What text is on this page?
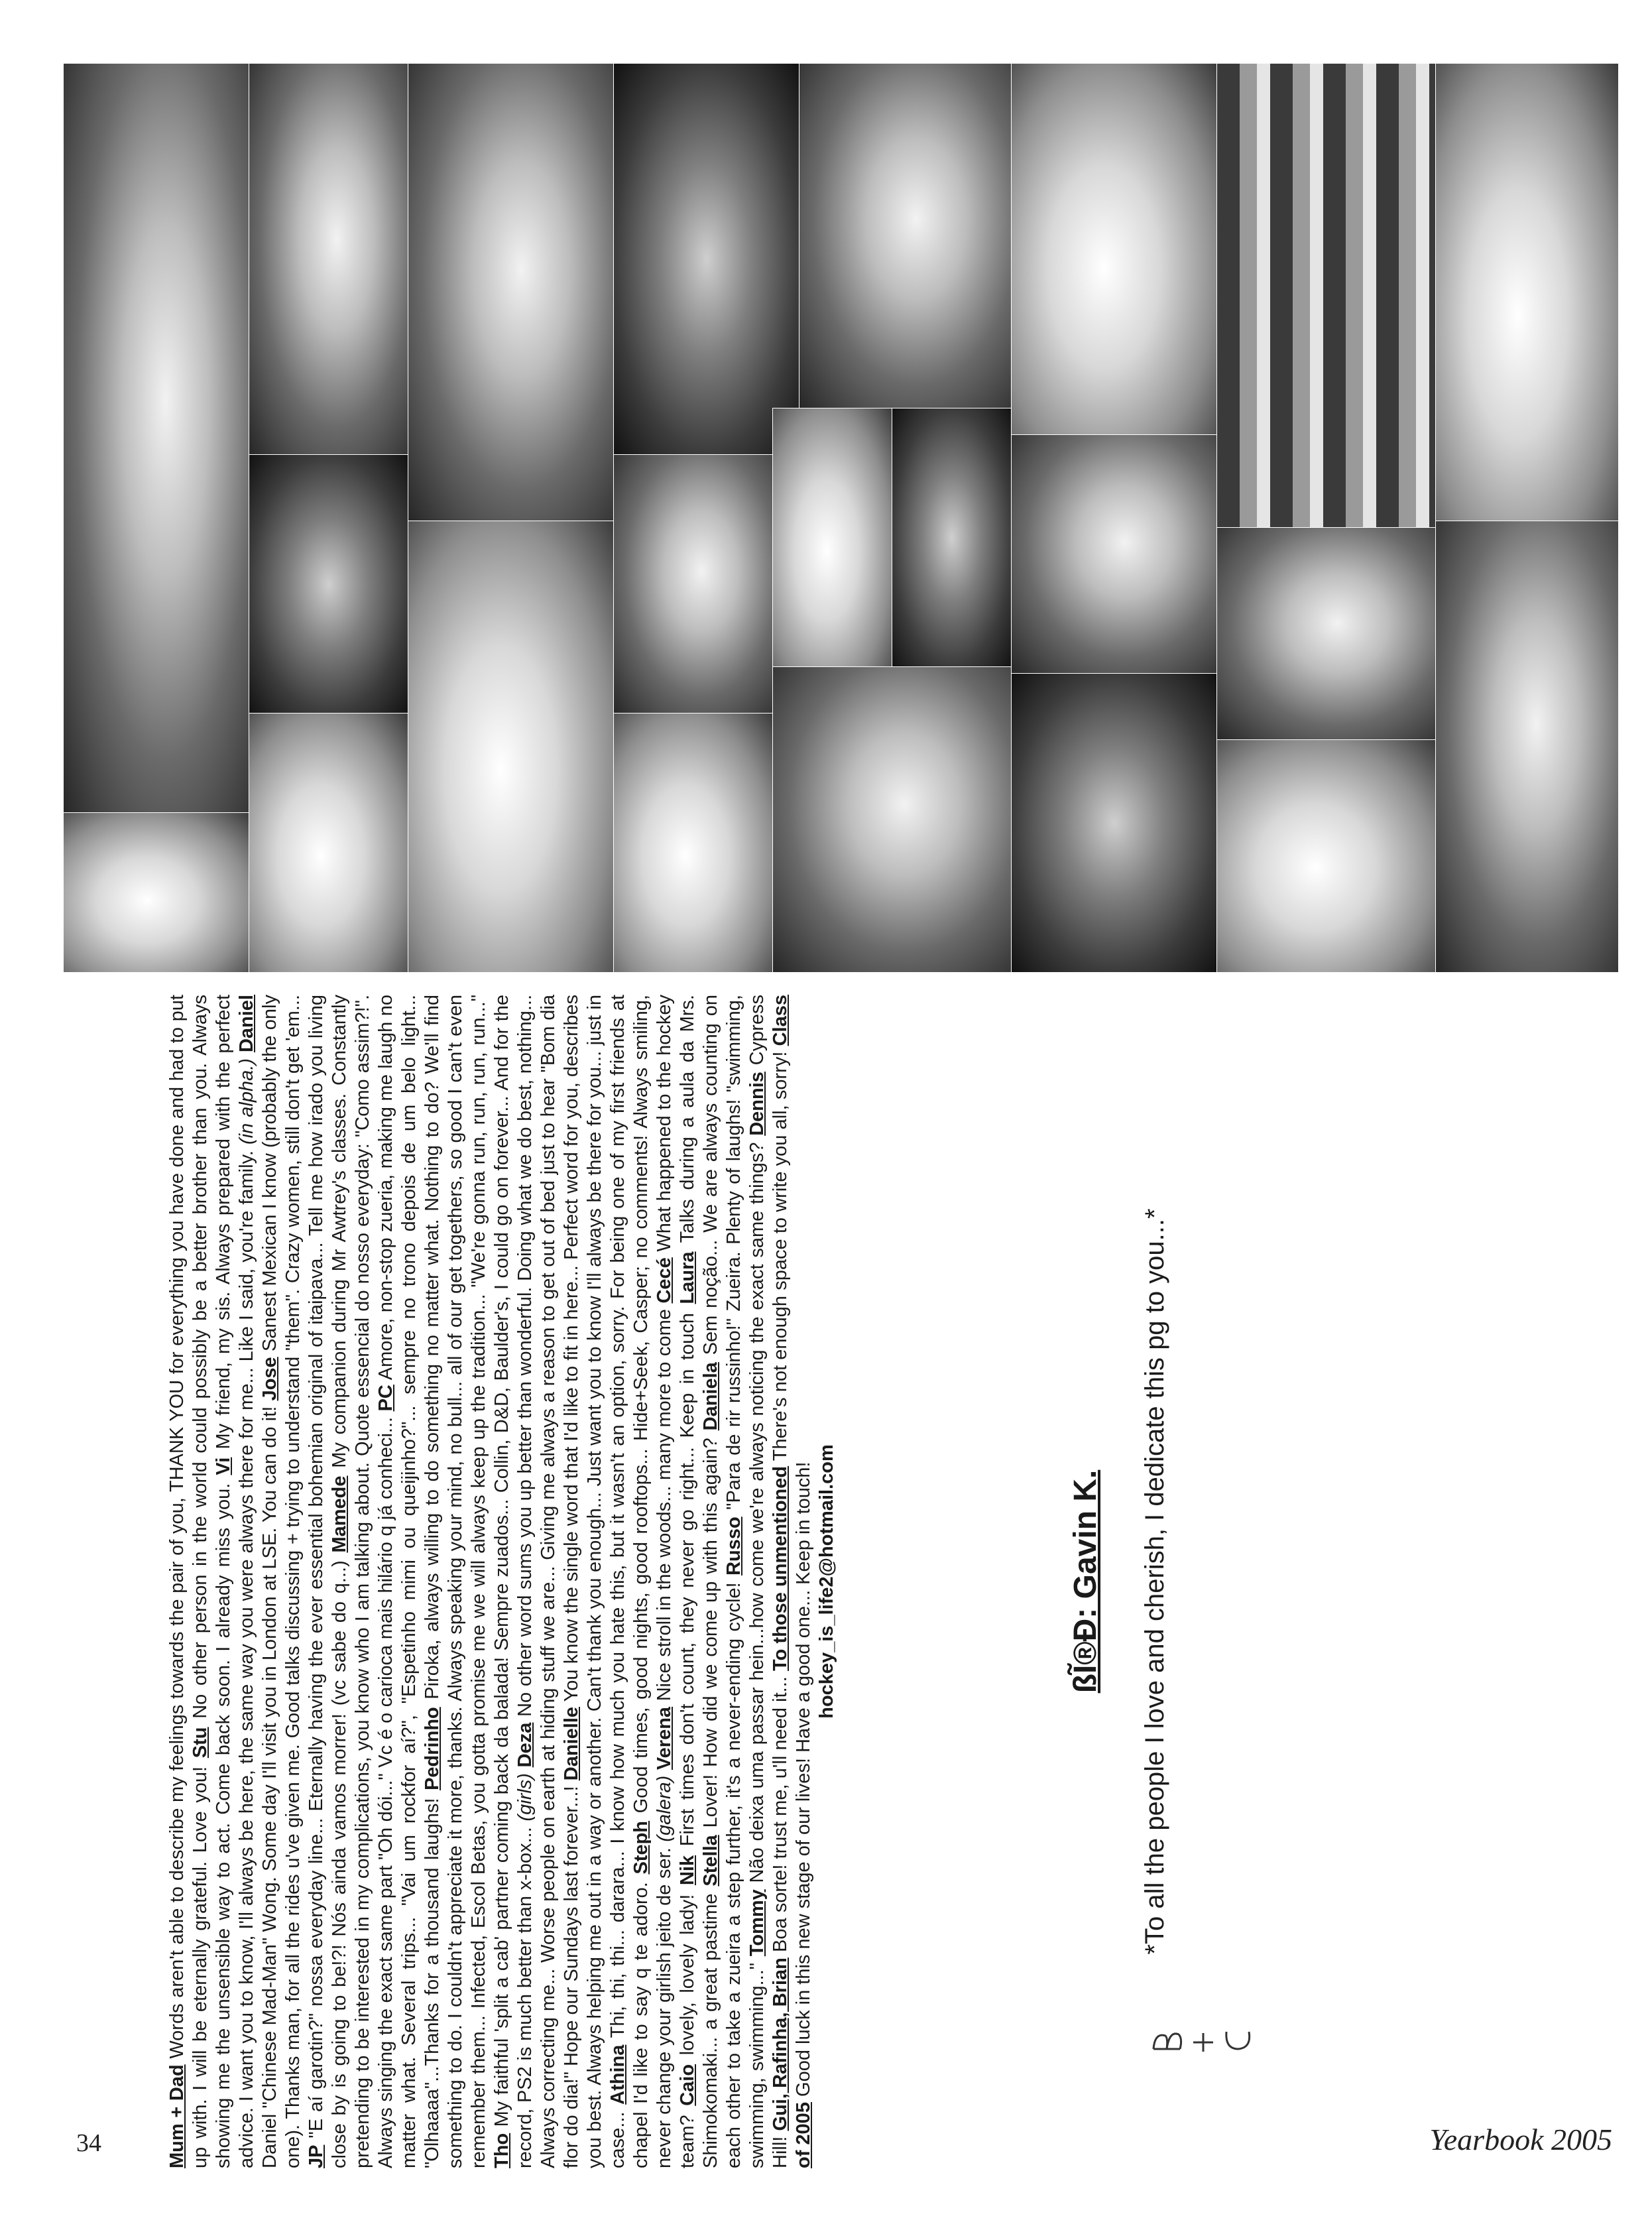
ßĨ®Ð: Gavin K. *To all the people I love and cherish, I dedicate this pg to you...*
Mum + Dad Words aren't able to describe my feelings towards the pair of you, THANK YOU for everything you have done and had to put up with. I will be eternally grateful. Love you! Stu No other person in the world could possibly be a better brother than you. Always showing me the unsensible way to act. Come back soon. I already miss you. Vi My friend, my sis. Always prepared with the perfect advice. I want you to know, I'll always be here, the same way you were always there for me... Like I said, you're family. (in alpha.) Daniel Daniel "Chinese Mad-Man" Wong. Some day I'll visit you in London at LSE. You can do it! Jose Sanest Mexican I know (probably the only one). Thanks man, for all the rides u've given me. Good talks discussing + trying to understand "them". Crazy women, still don't get 'em... JP "E aí garotin?" nossa everyday line... Eternally having the ever essential bohemian original of itaipava... Tell me how irado you living close by is going to be!?! Nós ainda vamos morrer! (vc sabe do q...) Mamede My companion during Mr Awtrey's classes. Constantly pretending to be interested in my complications, you know who I am talking about. Quote essencial do nosso everyday: "Como assim?!". Always singing the exact same part "Oh dói..." Vc é o carioca mais hilário q já conheci... PC Amore, non-stop zueria, making me laugh no matter what. Several trips... "Vai um rockfor aí?", "Espetinho mimi ou queijinho?"... sempre no trono depois de um belo light... "Olhaaaa"...Thanks for a thousand laughs! Pedrinho Piroka, always willing to do something no matter what. Nothing to do? We'll find something to do. I couldn't appreciate it more, thanks. Always speaking your mind, no bull... all of our get togethers, so good I can't even remember them... Infected, Escol Betas, you gotta promise me we will always keep up the tradition... "We're gonna run, run, run, run..." Tho My faithful 'split a cab' partner coming back da balada! Sempre zuados... Collin, D&D, Baulder's, I could go on forever... And for the record, PS2 is much better than x-box... (girls) Deza No other word sums you up better than wonderful. Doing what we do best, nothing... Always correcting me... Worse people on earth at hiding stuff we are... Giving me always a reason to get out of bed just to hear "Bom dia flor do dia!" Hope our Sundays last forever...! Danielle You know the single word that I'd like to fit in here... Perfect word for you, describes you best. Always helping me out in a way or another. Can't thank you enough... Just want you to know I'll always be there for you... just in case... Athina Thi, thi, thi... darara... I know how much you hate this, but it wasn't an option, sorry. For being one of my first friends at chapel I'd like to say q te adoro. Steph Good times, good nights, good rooftops... Hide+Seek, Casper; no comments! Always smiling, never change your girlish jeito de ser. (galera) Verena Nice stroll in the woods... many more to come Cecé What happened to the hockey team? Caio lovely, lovely lady! Nik First times don't count, they never go right... Keep in touch Laura Talks during a aula da Mrs. Shimokomaki... a great pastime Stella Lover! How did we come up with this again? Daniela Sem noção... We are always counting on each other to take a zueira a step further, it's a never-ending cycle! Russo "Para de rir russinho!" Zueira. Plenty of laughs! "swimming, swimming, swimming..." Tommy Não deixa uma passar hein...how come we're always noticing the exact same things? Dennis Cypress Hill! Gui, Rafinha, Brian Boa sorte! trust me, u'll need it... To those unmentioned There's not enough space to write you all, sorry! Class of 2005 Good luck in this new stage of our lives! Have a good one... Keep in touch! hockey_is_life2@hotmail.com
34	Yearbook 2005
